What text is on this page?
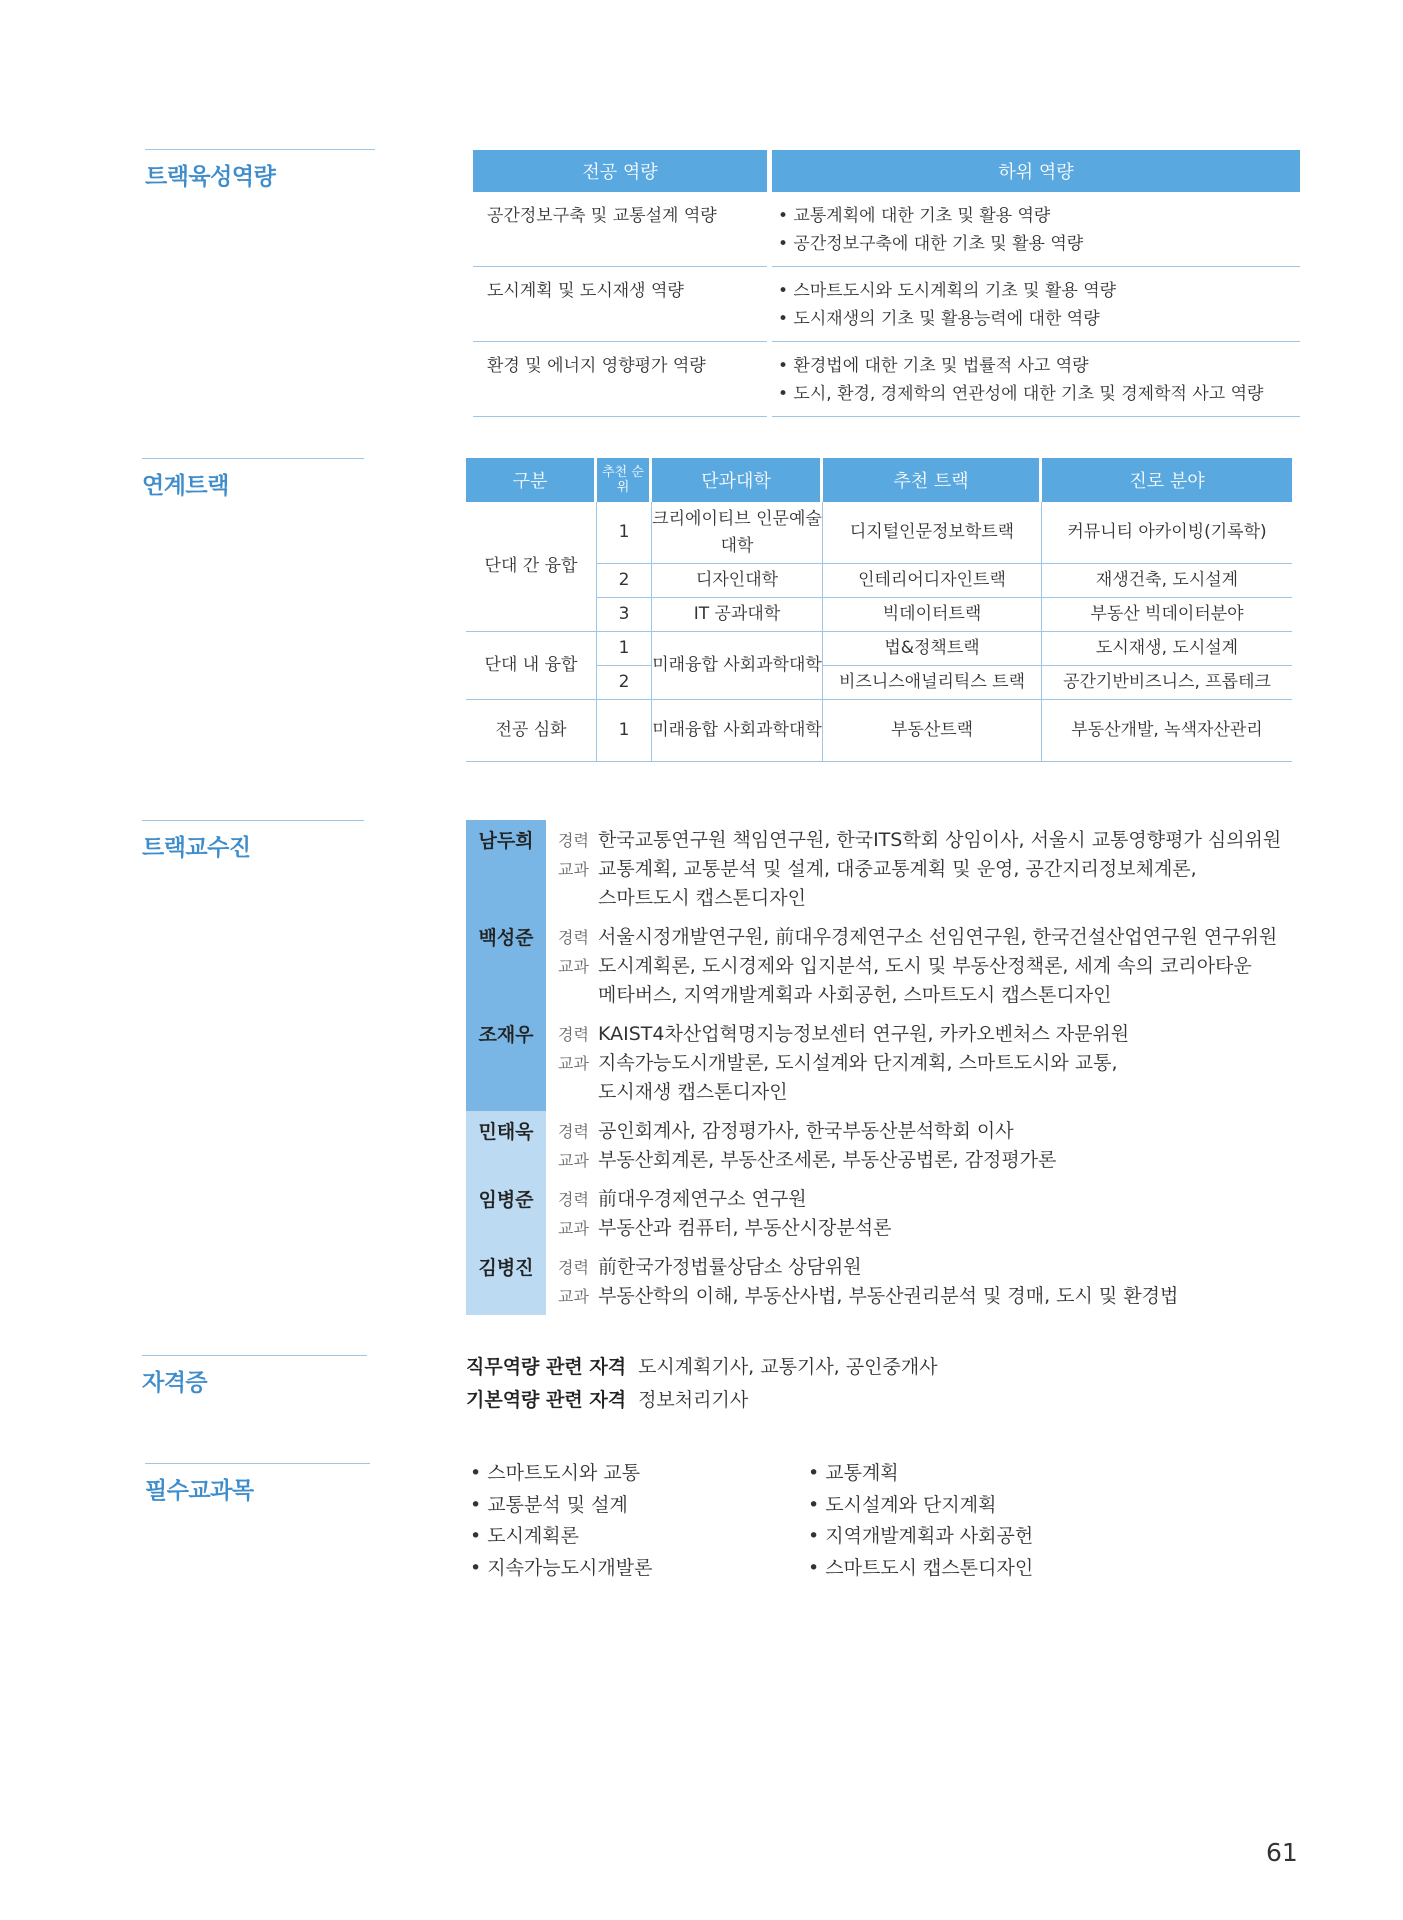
트랙육성역량
연계트랙
트랙교수진
자격증
필수교과목
전공 역량		하위 역량
공간정보구축 및 교통설계 역량		• 교통계획에 대한 기초 및 활용 역량
• 공간정보구축에 대한 기초 및 활용 역량

도시계획 및 도시재생 역량		• 스마트도시와 도시계획의 기초 및 활용 역량
• 도시재생의 기초 및 활용능력에 대한 역량

환경 및 에너지 영향평가 역량		• 환경법에 대한 기초 및 법률적 사고 역량
• 도시, 환경, 경제학의 연관성에 대한 기초 및 경제학적 사고 역량
구분	추천 순위	단과대학	추천 트랙	진로 분야
단대 간 융합	1	크리에이티브 인문예술대학	디지털인문정보학트랙	커뮤니티 아카이빙(기록학)
	2	디자인대학	인테리어디자인트랙	재생건축, 도시설계
	3	IT 공과대학	빅데이터트랙	부동산 빅데이터분야
단대 내 융합	1	미래융합 사회과학대학	법&정책트랙	도시재생, 도시설계
	2		비즈니스애널리틱스 트랙	공간기반비즈니스, 프롭테크
전공 심화	1	미래융합 사회과학대학	부동산트랙	부동산개발, 녹색자산관리
남두희	경력 한국교통연구원 책임연구원, 한국ITS학회 상임이사, 서울시 교통영향평가 심의위원
교과 교통계획, 교통분석 및 설계, 대중교통계획 및 운영, 공간지리정보체계론,
스마트도시 캡스톤디자인
백성준	경력 서울시정개발연구원, 前대우경제연구소 선임연구원, 한국건설산업연구원 연구위원
교과 도시계획론, 도시경제와 입지분석, 도시 및 부동산정책론, 세계 속의 코리아타운
메타버스, 지역개발계획과 사회공헌, 스마트도시 캡스톤디자인
조재우	경력 KAIST4차산업혁명지능정보센터 연구원, 카카오벤처스 자문위원
교과 지속가능도시개발론, 도시설계와 단지계획, 스마트도시와 교통,
도시재생 캡스톤디자인
민태욱	경력 공인회계사, 감정평가사, 한국부동산분석학회 이사
교과 부동산회계론, 부동산조세론, 부동산공법론, 감정평가론
임병준	경력 前대우경제연구소 연구원
교과 부동산과 컴퓨터, 부동산시장분석론
김병진	경력 前한국가정법률상담소 상담위원
교과 부동산학의 이해, 부동산사법, 부동산권리분석 및 경매, 도시 및 환경법
직무역량 관련 자격 도시계획기사, 교통기사, 공인중개사
기본역량 관련 자격 정보처리기사
• 스마트도시와 교통	• 교통계획
• 교통분석 및 설계	• 도시설계와 단지계획
• 도시계획론	• 지역개발계획과 사회공헌
• 지속가능도시개발론	• 스마트도시 캡스톤디자인
61
